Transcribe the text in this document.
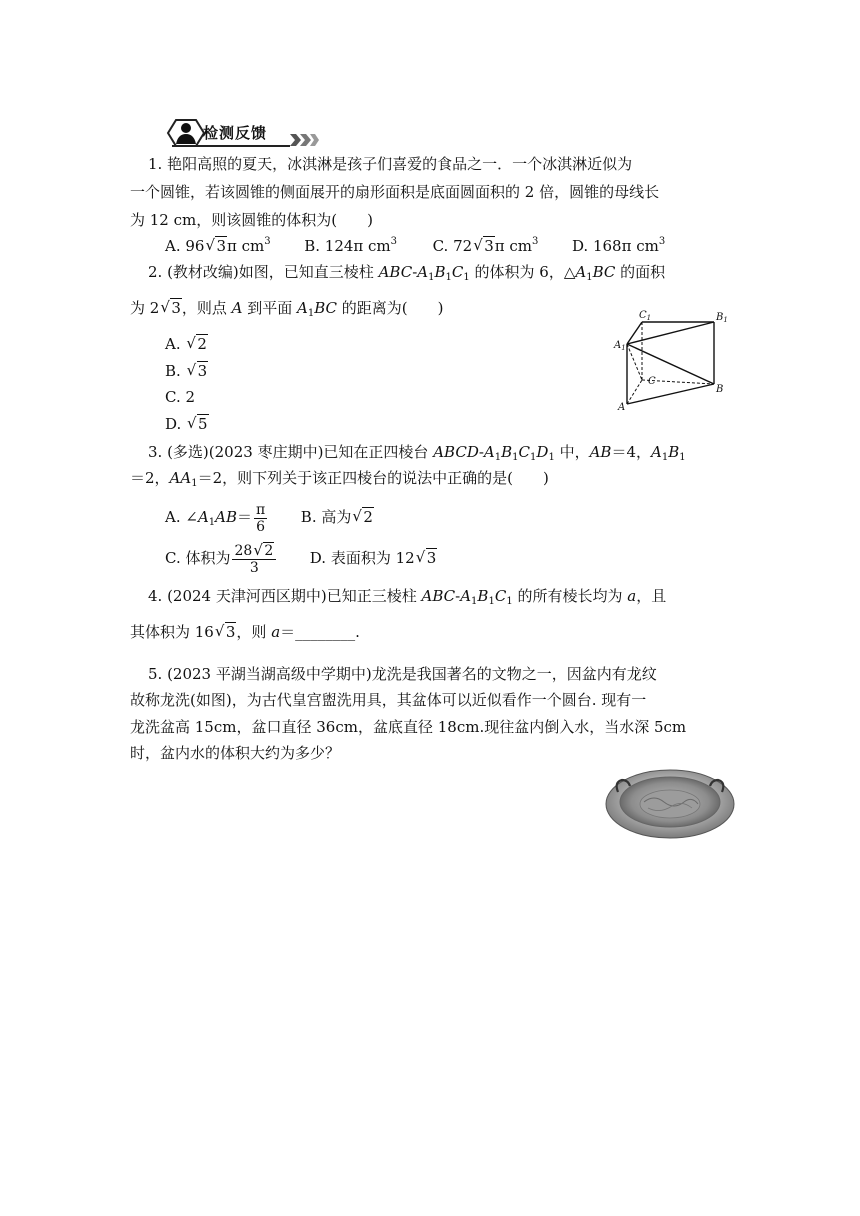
检测反馈
1. 艳阳高照的夏天，冰淇淋是孩子们喜爱的食品之一．一个冰淇淋近似为
一个圆锥，若该圆锥的侧面展开的扇形面积是底面圆面积的 2 倍，圆锥的母线长
为 12 cm，则该圆锥的体积为(　　)
A. 96 √ 3π $cm^3$ B. 124π $cm^3$ C. 72 √ 3π $cm^3$ D. 168π $cm^3$
2. (教材改编)如图，已知直三棱柱 ABC-$A_1B_1C_1$ 的体积为 6，$\triangle A_1BC$ 的面积
为 2 √ 3，则点 A 到平面 $A_1BC$ 的距离为(　　)
A. √ 2
B. √ 3
C. 2
D. √ 5
$C_1$	$B_1$
$A_1$
C
B
A
3. (多选)(2023 枣庄期中)已知在正四棱台 ABCD-$A_1B_1C_1D_1$ 中，AB＝4，$A_1B_1$
＝2，$AA_1=2$，则下列关于该正四棱台的说法中正确的是(　　)
A. $\angle A_1AB= \frac{\pi}{6} B$. 高为 √ 2
C. 体积为 $\frac{28 √ 2}{3} D$. 表面积为 12 √ 3
4. (2024 天津河西区期中)已知正三棱柱 ABC-$A_1B_1C_1$ 的所有棱长均为 a，且
其体积为 16 √ 3，则 a＝________.
5. (2023 平湖当湖高级中学期中)龙洗是我国著名的文物之一，因盆内有龙纹
故称龙洗(如图)，为古代皇宫盥洗用具，其盆体可以近似看作一个圆台. 现有一
龙洗盆高 15cm，盆口直径 36cm，盆底直径 18cm.现往盆内倒入水，当水深 5cm
时，盆内水的体积大约为多少？
